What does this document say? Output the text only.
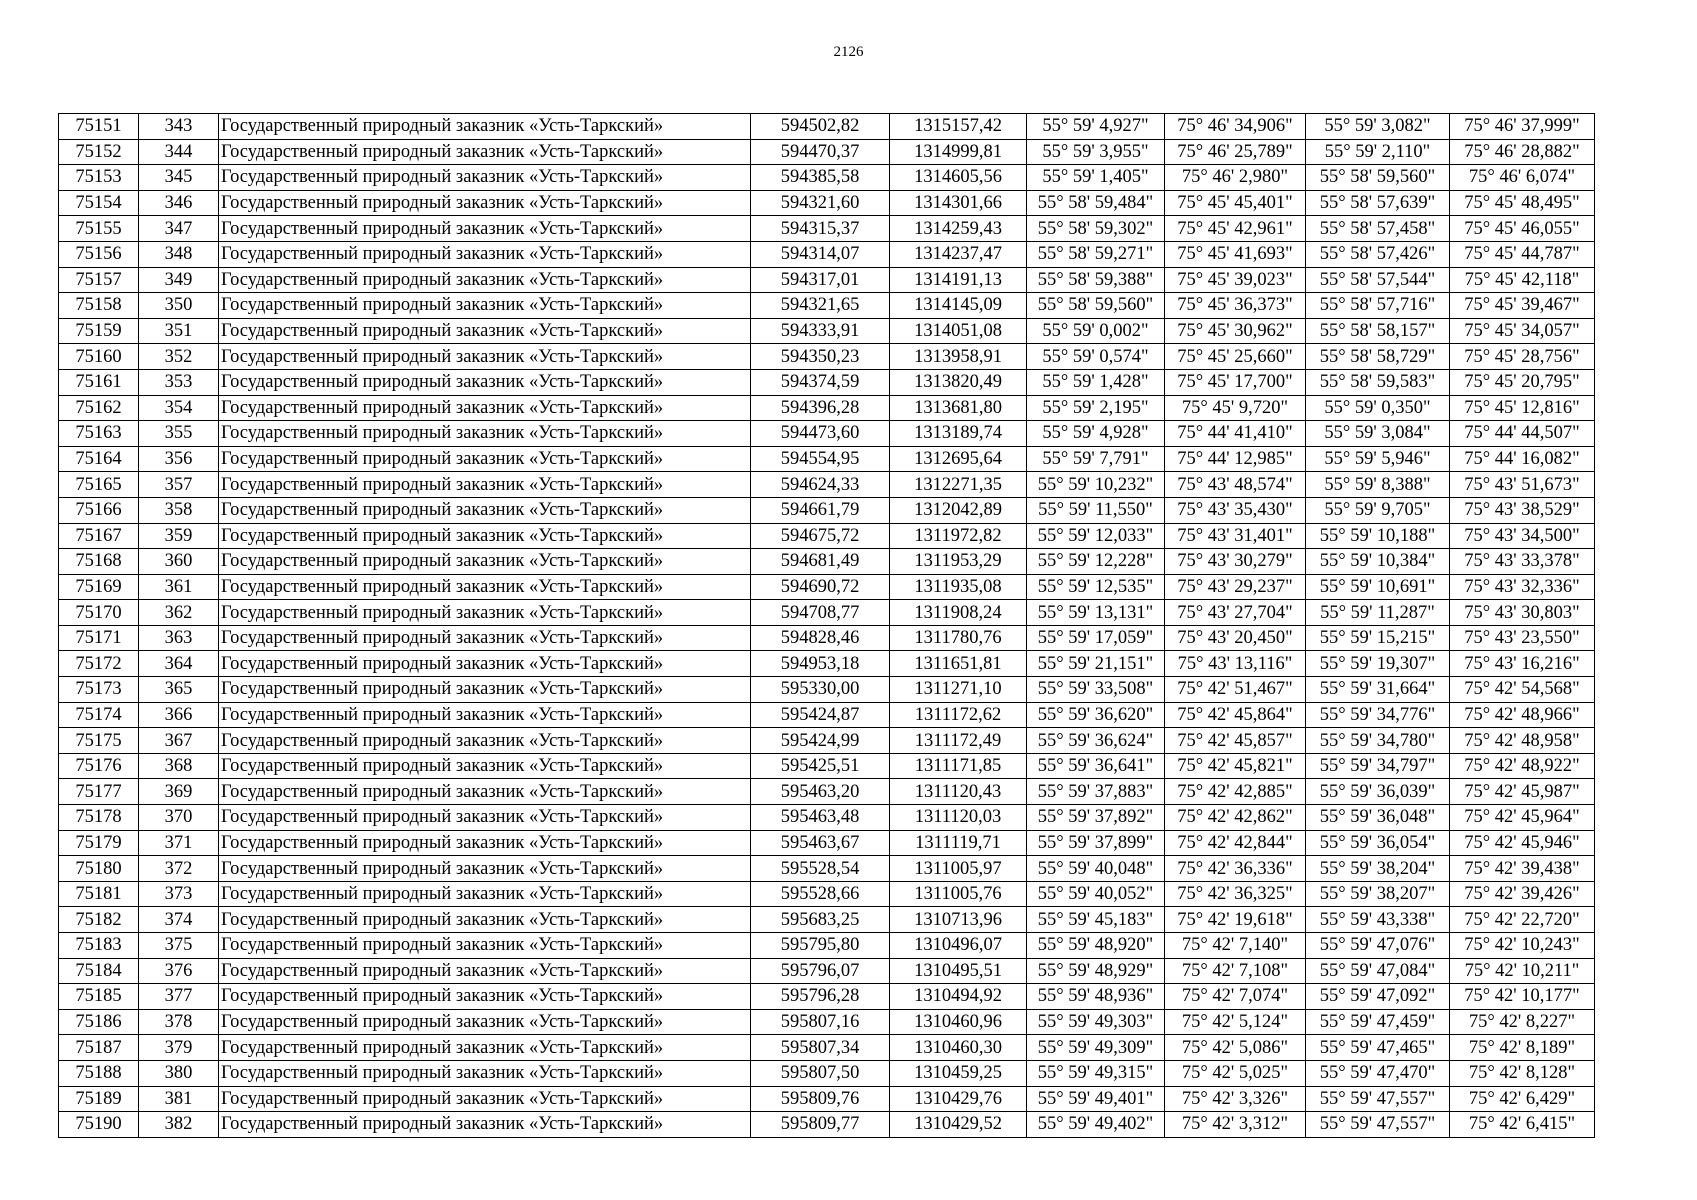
2126
75151	343	Государственный природный заказник «Усть-Таркский»	594502,82	1315157,42	55° 59' 4,927"	75° 46' 34,906"	55° 59' 3,082"	75° 46' 37,999"
75152	344	Государственный природный заказник «Усть-Таркский»	594470,37	1314999,81	55° 59' 3,955"	75° 46' 25,789"	55° 59' 2,110"	75° 46' 28,882"
75153	345	Государственный природный заказник «Усть-Таркский»	594385,58	1314605,56	55° 59' 1,405"	75° 46' 2,980"	55° 58' 59,560"	75° 46' 6,074"
75154	346	Государственный природный заказник «Усть-Таркский»	594321,60	1314301,66	55° 58' 59,484"	75° 45' 45,401"	55° 58' 57,639"	75° 45' 48,495"
75155	347	Государственный природный заказник «Усть-Таркский»	594315,37	1314259,43	55° 58' 59,302"	75° 45' 42,961"	55° 58' 57,458"	75° 45' 46,055"
75156	348	Государственный природный заказник «Усть-Таркский»	594314,07	1314237,47	55° 58' 59,271"	75° 45' 41,693"	55° 58' 57,426"	75° 45' 44,787"
75157	349	Государственный природный заказник «Усть-Таркский»	594317,01	1314191,13	55° 58' 59,388"	75° 45' 39,023"	55° 58' 57,544"	75° 45' 42,118"
75158	350	Государственный природный заказник «Усть-Таркский»	594321,65	1314145,09	55° 58' 59,560"	75° 45' 36,373"	55° 58' 57,716"	75° 45' 39,467"
75159	351	Государственный природный заказник «Усть-Таркский»	594333,91	1314051,08	55° 59' 0,002"	75° 45' 30,962"	55° 58' 58,157"	75° 45' 34,057"
75160	352	Государственный природный заказник «Усть-Таркский»	594350,23	1313958,91	55° 59' 0,574"	75° 45' 25,660"	55° 58' 58,729"	75° 45' 28,756"
75161	353	Государственный природный заказник «Усть-Таркский»	594374,59	1313820,49	55° 59' 1,428"	75° 45' 17,700"	55° 58' 59,583"	75° 45' 20,795"
75162	354	Государственный природный заказник «Усть-Таркский»	594396,28	1313681,80	55° 59' 2,195"	75° 45' 9,720"	55° 59' 0,350"	75° 45' 12,816"
75163	355	Государственный природный заказник «Усть-Таркский»	594473,60	1313189,74	55° 59' 4,928"	75° 44' 41,410"	55° 59' 3,084"	75° 44' 44,507"
75164	356	Государственный природный заказник «Усть-Таркский»	594554,95	1312695,64	55° 59' 7,791"	75° 44' 12,985"	55° 59' 5,946"	75° 44' 16,082"
75165	357	Государственный природный заказник «Усть-Таркский»	594624,33	1312271,35	55° 59' 10,232"	75° 43' 48,574"	55° 59' 8,388"	75° 43' 51,673"
75166	358	Государственный природный заказник «Усть-Таркский»	594661,79	1312042,89	55° 59' 11,550"	75° 43' 35,430"	55° 59' 9,705"	75° 43' 38,529"
75167	359	Государственный природный заказник «Усть-Таркский»	594675,72	1311972,82	55° 59' 12,033"	75° 43' 31,401"	55° 59' 10,188"	75° 43' 34,500"
75168	360	Государственный природный заказник «Усть-Таркский»	594681,49	1311953,29	55° 59' 12,228"	75° 43' 30,279"	55° 59' 10,384"	75° 43' 33,378"
75169	361	Государственный природный заказник «Усть-Таркский»	594690,72	1311935,08	55° 59' 12,535"	75° 43' 29,237"	55° 59' 10,691"	75° 43' 32,336"
75170	362	Государственный природный заказник «Усть-Таркский»	594708,77	1311908,24	55° 59' 13,131"	75° 43' 27,704"	55° 59' 11,287"	75° 43' 30,803"
75171	363	Государственный природный заказник «Усть-Таркский»	594828,46	1311780,76	55° 59' 17,059"	75° 43' 20,450"	55° 59' 15,215"	75° 43' 23,550"
75172	364	Государственный природный заказник «Усть-Таркский»	594953,18	1311651,81	55° 59' 21,151"	75° 43' 13,116"	55° 59' 19,307"	75° 43' 16,216"
75173	365	Государственный природный заказник «Усть-Таркский»	595330,00	1311271,10	55° 59' 33,508"	75° 42' 51,467"	55° 59' 31,664"	75° 42' 54,568"
75174	366	Государственный природный заказник «Усть-Таркский»	595424,87	1311172,62	55° 59' 36,620"	75° 42' 45,864"	55° 59' 34,776"	75° 42' 48,966"
75175	367	Государственный природный заказник «Усть-Таркский»	595424,99	1311172,49	55° 59' 36,624"	75° 42' 45,857"	55° 59' 34,780"	75° 42' 48,958"
75176	368	Государственный природный заказник «Усть-Таркский»	595425,51	1311171,85	55° 59' 36,641"	75° 42' 45,821"	55° 59' 34,797"	75° 42' 48,922"
75177	369	Государственный природный заказник «Усть-Таркский»	595463,20	1311120,43	55° 59' 37,883"	75° 42' 42,885"	55° 59' 36,039"	75° 42' 45,987"
75178	370	Государственный природный заказник «Усть-Таркский»	595463,48	1311120,03	55° 59' 37,892"	75° 42' 42,862"	55° 59' 36,048"	75° 42' 45,964"
75179	371	Государственный природный заказник «Усть-Таркский»	595463,67	1311119,71	55° 59' 37,899"	75° 42' 42,844"	55° 59' 36,054"	75° 42' 45,946"
75180	372	Государственный природный заказник «Усть-Таркский»	595528,54	1311005,97	55° 59' 40,048"	75° 42' 36,336"	55° 59' 38,204"	75° 42' 39,438"
75181	373	Государственный природный заказник «Усть-Таркский»	595528,66	1311005,76	55° 59' 40,052"	75° 42' 36,325"	55° 59' 38,207"	75° 42' 39,426"
75182	374	Государственный природный заказник «Усть-Таркский»	595683,25	1310713,96	55° 59' 45,183"	75° 42' 19,618"	55° 59' 43,338"	75° 42' 22,720"
75183	375	Государственный природный заказник «Усть-Таркский»	595795,80	1310496,07	55° 59' 48,920"	75° 42' 7,140"	55° 59' 47,076"	75° 42' 10,243"
75184	376	Государственный природный заказник «Усть-Таркский»	595796,07	1310495,51	55° 59' 48,929"	75° 42' 7,108"	55° 59' 47,084"	75° 42' 10,211"
75185	377	Государственный природный заказник «Усть-Таркский»	595796,28	1310494,92	55° 59' 48,936"	75° 42' 7,074"	55° 59' 47,092"	75° 42' 10,177"
75186	378	Государственный природный заказник «Усть-Таркский»	595807,16	1310460,96	55° 59' 49,303"	75° 42' 5,124"	55° 59' 47,459"	75° 42' 8,227"
75187	379	Государственный природный заказник «Усть-Таркский»	595807,34	1310460,30	55° 59' 49,309"	75° 42' 5,086"	55° 59' 47,465"	75° 42' 8,189"
75188	380	Государственный природный заказник «Усть-Таркский»	595807,50	1310459,25	55° 59' 49,315"	75° 42' 5,025"	55° 59' 47,470"	75° 42' 8,128"
75189	381	Государственный природный заказник «Усть-Таркский»	595809,76	1310429,76	55° 59' 49,401"	75° 42' 3,326"	55° 59' 47,557"	75° 42' 6,429"
75190	382	Государственный природный заказник «Усть-Таркский»	595809,77	1310429,52	55° 59' 49,402"	75° 42' 3,312"	55° 59' 47,557"	75° 42' 6,415"
